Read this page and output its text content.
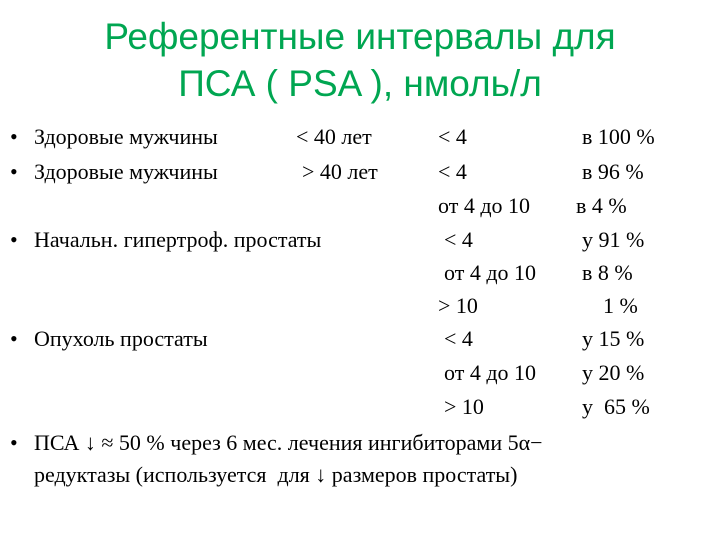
Референтные интервалы для
ПСА ( PSA ), нмоль/л
•
•
•
•
•
Здоровые мужчины	< 40 лет
Здоровые мужчины	> 40 лет
Начальн. гипертроф. простаты
Опухоль простаты
< 4
< 4
от 4 до 10
< 4
от 4 до 10
> 10
< 4
от 4 до 10
> 10
в 100 %
в 96 %
в 4 %
у 91 %
в 8 %
1 %
у 15 %
у 20 %
у  65 %
ПСА ↓ ≈ 50 % через 6 мес. лечения ингибиторами 5α−
редуктазы (используется  для ↓ размеров простаты)
